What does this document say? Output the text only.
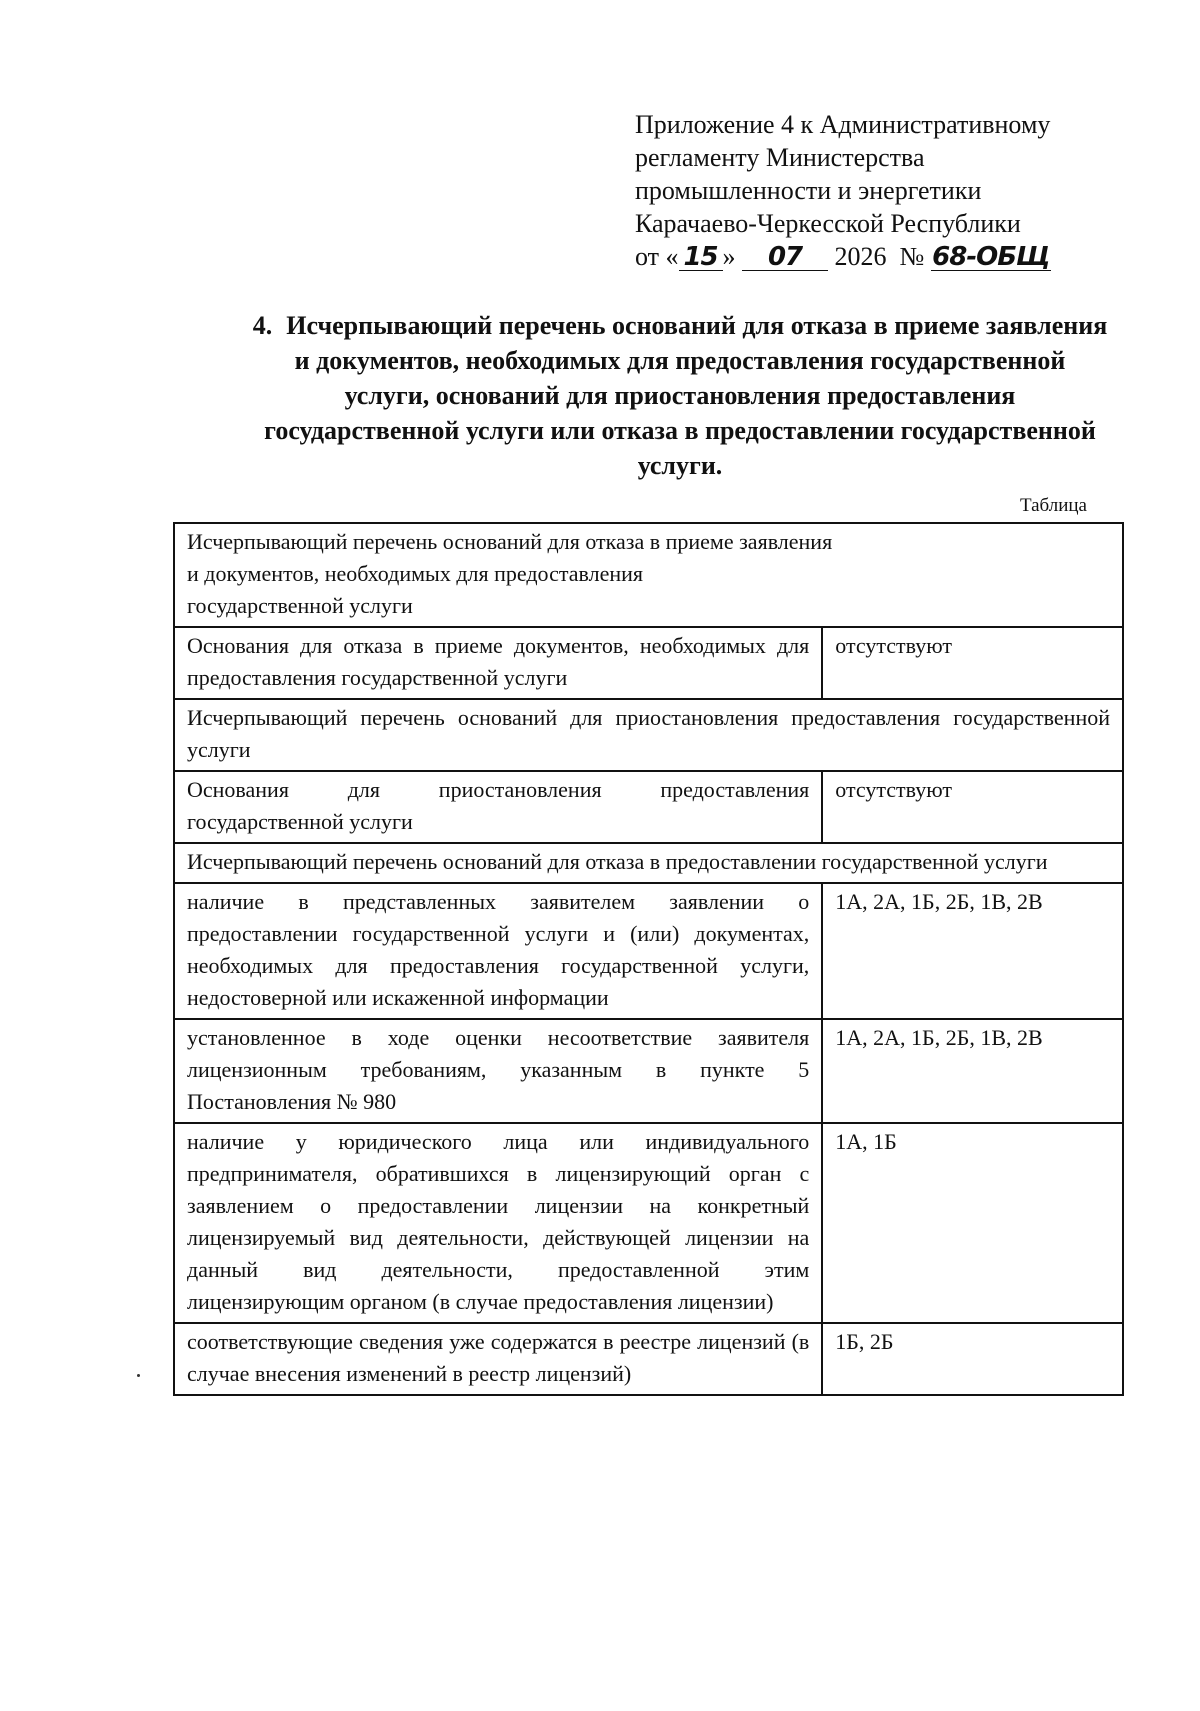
Приложение 4 к Административному
регламенту Министерства
промышленности и энергетики
Карачаево-Черкесской Республики
от « 15 » 07 2026 № 68-ОБЩ
4. Исчерпывающий перечень оснований для отказа в приеме заявления и документов, необходимых для предоставления государственной услуги, оснований для приостановления предоставления государственной услуги или отказа в предоставлении государственной услуги.
Таблица
Исчерпывающий перечень оснований для отказа в приеме заявления
и документов, необходимых для предоставления
государственной услуги	

Основания для отказа в приеме документов, необходимых для предоставления государственной услуги	отсутствуют
Исчерпывающий перечень оснований для приостановления предоставления государственной услуги	
Основания для приостановления предоставления государственной услуги	отсутствуют
Исчерпывающий перечень оснований для отказа в предоставлении государственной услуги	
наличие в представленных заявителем заявлении о предоставлении государственной услуги и (или) документах, необходимых для предоставления государственной услуги, недостоверной или искаженной информации	1А, 2А, 1Б, 2Б, 1В, 2В
установленное в ходе оценки несоответствие заявителя лицензионным требованиям, указанным в пункте 5 Постановления № 980	1А, 2А, 1Б, 2Б, 1В, 2В
наличие у юридического лица или индивидуального предпринимателя, обратившихся в лицензирующий орган с заявлением о предоставлении лицензии на конкретный лицензируемый вид деятельности, действующей лицензии на данный вид деятельности, предоставленной этим лицензирующим органом (в случае предоставления лицензии)	1А, 1Б
соответствующие сведения уже содержатся в реестре лицензий (в случае внесения изменений в реестр лицензий)	1Б, 2Б
